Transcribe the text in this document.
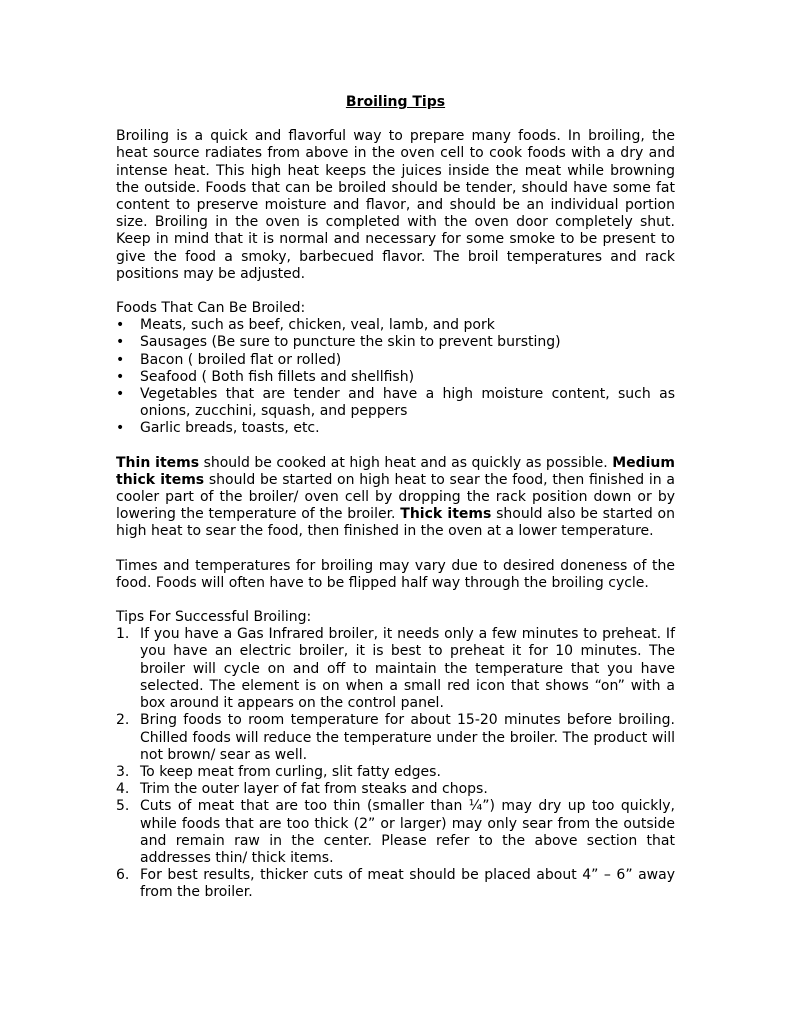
Broiling Tips

Broiling is a quick and flavorful way to prepare many foods. In broiling, the heat source radiates from above in the oven cell to cook foods with a dry and intense heat. This high heat keeps the juices inside the meat while browning the outside. Foods that can be broiled should be tender, should have some fat content to preserve moisture and flavor, and should be an individual portion size. Broiling in the oven is completed with the oven door completely shut. Keep in mind that it is normal and necessary for some smoke to be present to give the food a smoky, barbecued flavor. The broil temperatures and rack positions may be adjusted.

Foods That Can Be Broiled:

• Meats, such as beef, chicken, veal, lamb, and pork
• Sausages (Be sure to puncture the skin to prevent bursting)
• Bacon ( broiled flat or rolled)
• Seafood ( Both fish fillets and shellfish)
• Vegetables that are tender and have a high moisture content, such as onions, zucchini, squash, and peppers
• Garlic breads, toasts, etc.

Thin items should be cooked at high heat and as quickly as possible. Medium thick items should be started on high heat to sear the food, then finished in a cooler part of the broiler/ oven cell by dropping the rack position down or by lowering the temperature of the broiler. Thick items should also be started on high heat to sear the food, then finished in the oven at a lower temperature.

Times and temperatures for broiling may vary due to desired doneness of the food. Foods will often have to be flipped half way through the broiling cycle.

Tips For Successful Broiling:

1. If you have a Gas Infrared broiler, it needs only a few minutes to preheat. If you have an electric broiler, it is best to preheat it for 10 minutes. The broiler will cycle on and off to maintain the temperature that you have selected. The element is on when a small red icon that shows “on” with a box around it appears on the control panel.
2. Bring foods to room temperature for about 15-20 minutes before broiling. Chilled foods will reduce the temperature under the broiler. The product will not brown/ sear as well.
3. To keep meat from curling, slit fatty edges.
4. Trim the outer layer of fat from steaks and chops.
5. Cuts of meat that are too thin (smaller than ¼”) may dry up too quickly, while foods that are too thick (2” or larger) may only sear from the outside and remain raw in the center. Please refer to the above section that addresses thin/ thick items.
6. For best results, thicker cuts of meat should be placed about 4” – 6” away from the broiler.
